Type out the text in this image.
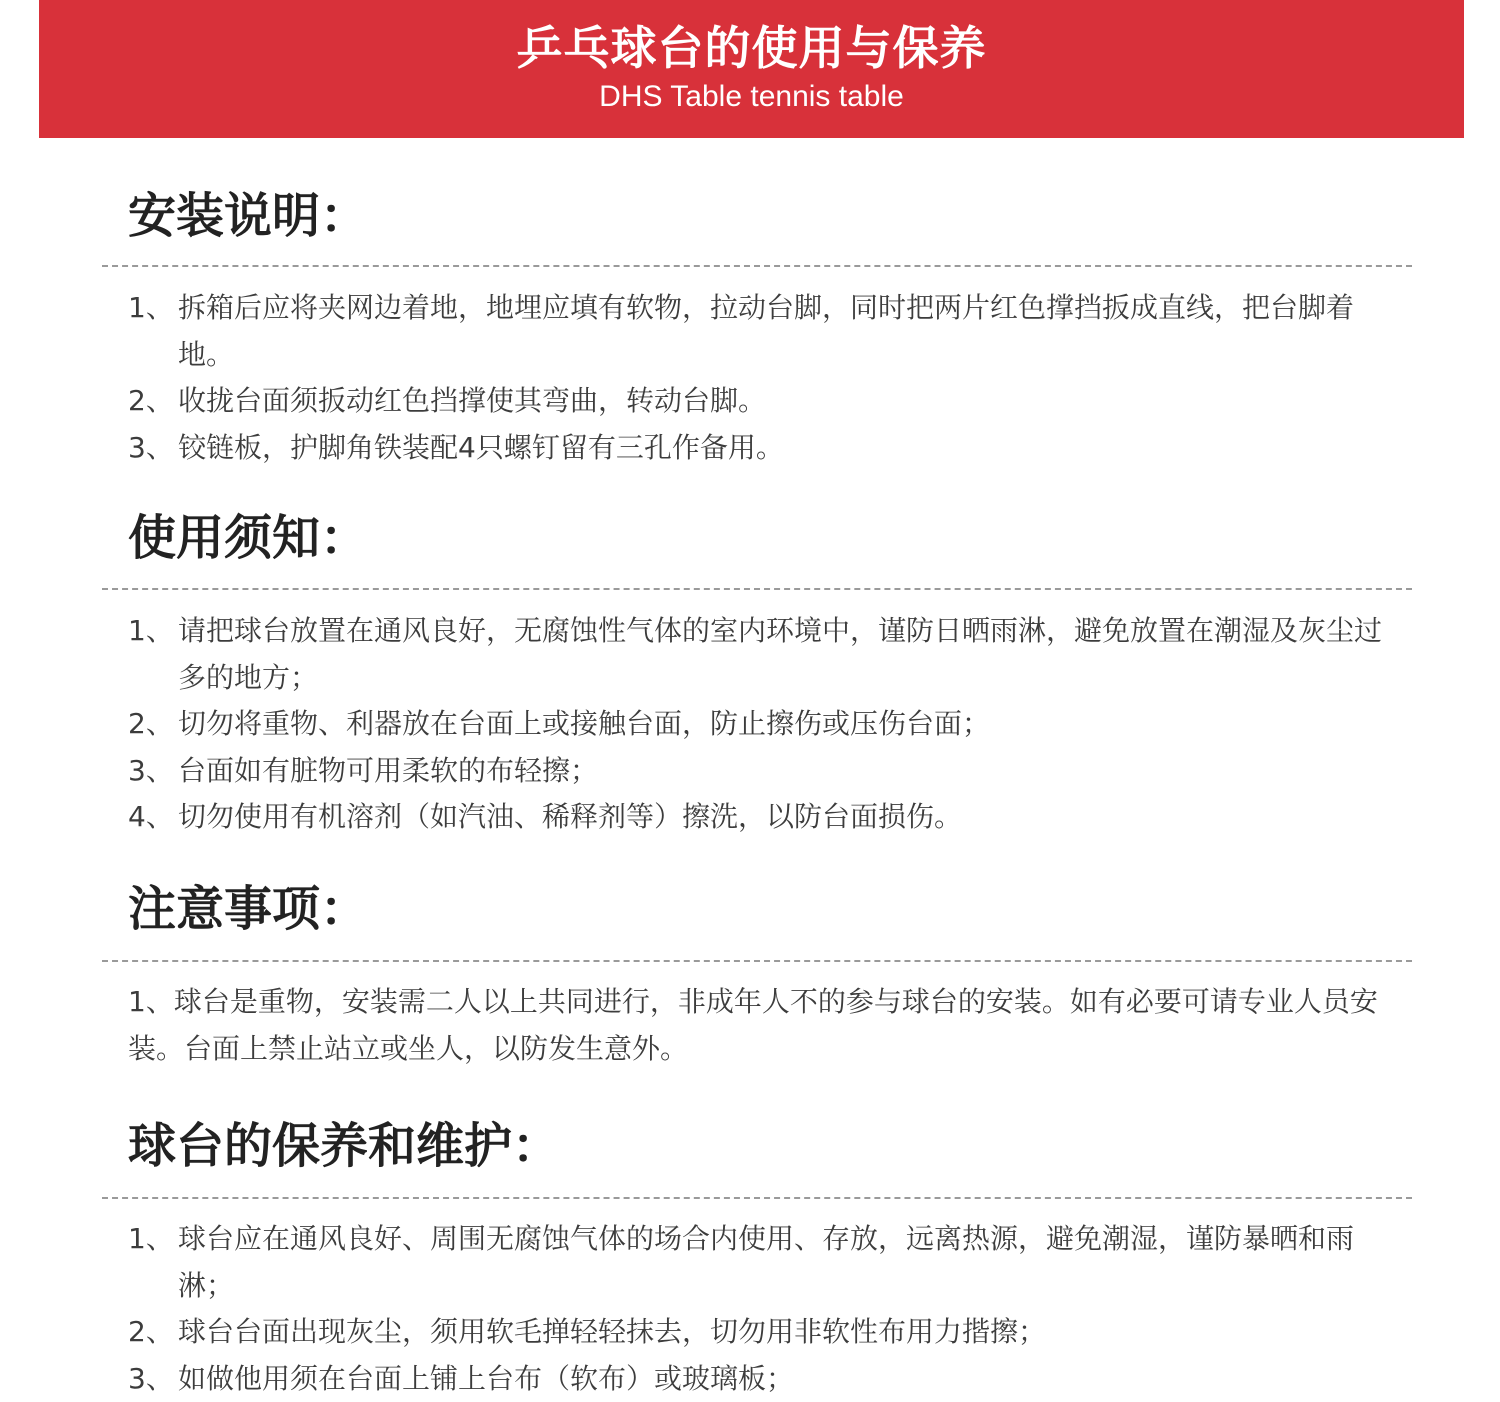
乒乓球台的使用与保养
DHS Table tennis table
安装说明：
1、 拆箱后应将夹网边着地，地埋应填有软物，拉动台脚，同时把两片红色撑挡扳成直线，把台脚着地。
2、 收拢台面须扳动红色挡撑使其弯曲，转动台脚。
3、 铰链板，护脚角铁装配4只螺钉留有三孔作备用。
使用须知：
1、 请把球台放置在通风良好，无腐蚀性气体的室内环境中，谨防日晒雨淋，避免放置在潮湿及灰尘过多的地方；
2、 切勿将重物、利器放在台面上或接触台面，防止擦伤或压伤台面；
3、 台面如有脏物可用柔软的布轻擦；
4、 切勿使用有机溶剂（如汽油、稀释剂等）擦洗，以防台面损伤。
注意事项：

1、球台是重物，安装需二人以上共同进行，非成年人不的参与球台的安装。如有必要可请专业人员安装。台面上禁止站立或坐人，以防发生意外。

球台的保养和维护：
1、 球台应在通风良好、周围无腐蚀气体的场合内使用、存放，远离热源，避免潮湿，谨防暴晒和雨淋；
2、 球台台面出现灰尘，须用软毛掸轻轻抹去，切勿用非软性布用力揩擦；
3、 如做他用须在台面上铺上台布（软布）或玻璃板；
